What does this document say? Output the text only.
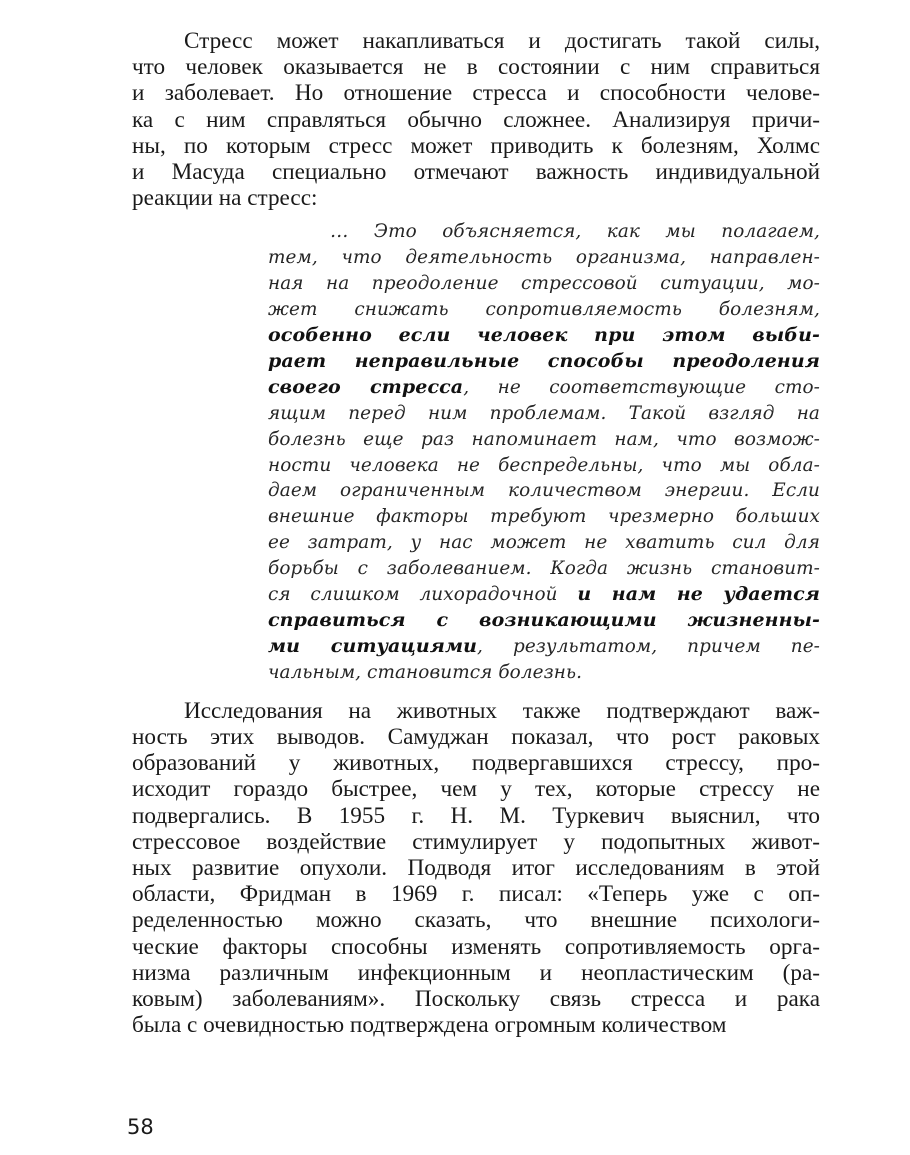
Стресс может накапливаться и достигать такой силы,
что человек оказывается не в состоянии с ним справиться
и заболевает. Но отношение стресса и способности челове-
ка с ним справляться обычно сложнее. Анализируя причи-
ны, по которым стресс может приводить к болезням, Холмс
и Масуда специально отмечают важность индивидуальной
реакции на стресс:

… Это объясняется, как мы полагаем,
тем, что деятельность организма, направлен-
ная на преодоление стрессовой ситуации, мо-
жет снижать сопротивляемость болезням,
особенно если человек при этом выби-
рает неправильные способы преодоления
своего стресса, не соответствующие сто-
ящим перед ним проблемам. Такой взгляд на
болезнь еще раз напоминает нам, что возмож-
ности человека не беспредельны, что мы обла-
даем ограниченным количеством энергии. Если
внешние факторы требуют чрезмерно больших
ее затрат, у нас может не хватить сил для
борьбы с заболеванием. Когда жизнь становит-
ся слишком лихорадочной и нам не удается
справиться с возникающими жизненны-
ми ситуациями, результатом, причем пе-
чальным, становится болезнь.

Исследования на животных также подтверждают важ-
ность этих выводов. Самуджан показал, что рост раковых
образований у животных, подвергавшихся стрессу, про-
исходит гораздо быстрее, чем у тех, которые стрессу не
подвергались. В 1955 г. Н. М. Туркевич выяснил, что
стрессовое воздействие стимулирует у подопытных живот-
ных развитие опухоли. Подводя итог исследованиям в этой
области, Фридман в 1969 г. писал: «Теперь уже с оп-
ределенностью можно сказать, что внешние психологи-
ческие факторы способны изменять сопротивляемость орга-
низма различным инфекционным и неопластическим (ра-
ковым) заболеваниям». Поскольку связь стресса и рака
была с очевидностью подтверждена огромным количеством

58
